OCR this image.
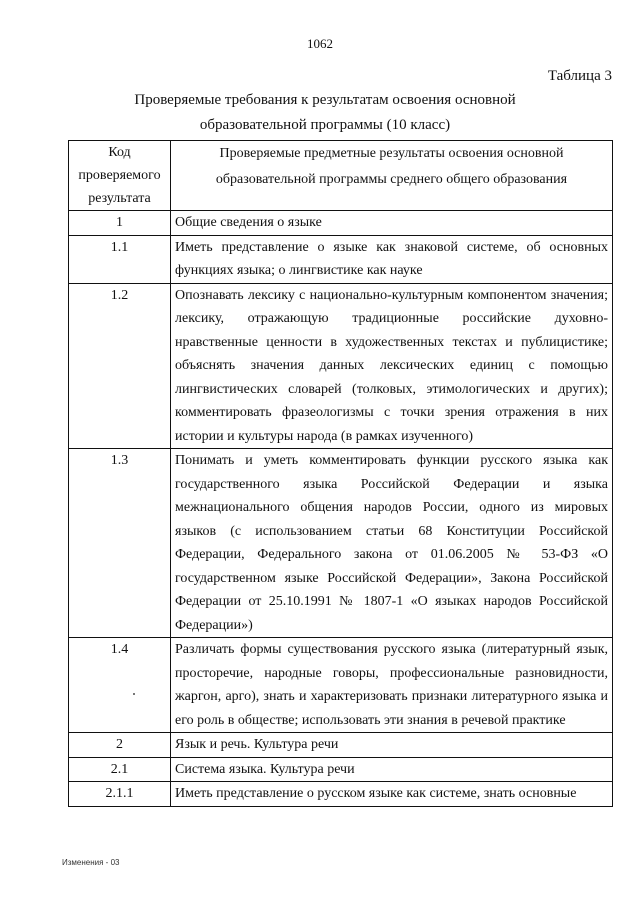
1062
Таблица 3
Проверяемые требования к результатам освоения основной
образовательной программы (10 класс)
Код проверяемого результата	Проверяемые предметные результаты освоения основной образовательной программы среднего общего образования
1	Общие сведения о языке
1.1	Иметь представление о языке как знаковой системе, об основных функциях языка; о лингвистике как науке
1.2	Опознавать лексику с национально-культурным компонентом значения; лексику, отражающую традиционные российские духовно-нравственные ценности в художественных текстах и публицистике; объяснять значения данных лексических единиц с помощью лингвистических словарей (толковых, этимологических и других); комментировать фразеологизмы с точки зрения отражения в них истории и культуры народа (в рамках изученного)
1.3	Понимать и уметь комментировать функции русского языка как государственного языка Российской Федерации и языка межнационального общения народов России, одного из мировых языков (с использованием статьи 68 Конституции Российской Федерации, Федерального закона от 01.06.2005 № 53-ФЗ «О государственном языке Российской Федерации», Закона Российской Федерации от 25.10.1991 № 1807-1 «О языках народов Российской Федерации»)
1.4	Различать формы существования русского языка (литературный язык, просторечие, народные говоры, профессиональные разновидности, жаргон, арго), знать и характеризовать признаки литературного языка и его роль в обществе; использовать эти знания в речевой практике
2	Язык и речь. Культура речи
2.1	Система языка. Культура речи
2.1.1	Иметь представление о русском языке как системе, знать основные
Изменения - 03
